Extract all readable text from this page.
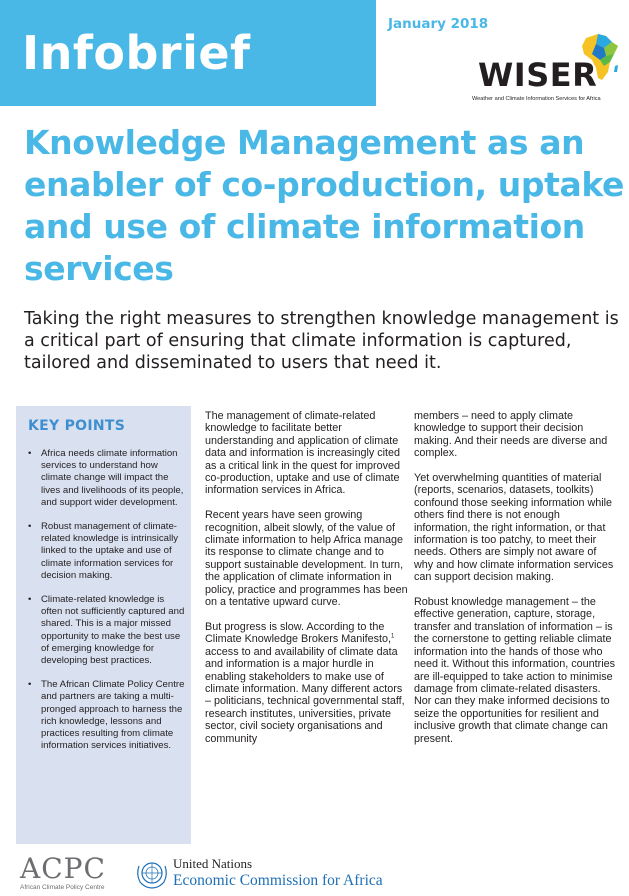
Infobrief
January 2018
WISER
Weather and Climate Information Services for Africa
Knowledge Management as an enabler of co-production, uptake and use of climate information services

Taking the right measures to strengthen knowledge management is a critical part of ensuring that climate information is captured, tailored and disseminated to users that need it.

KEY POINTS
• Africa needs climate information services to understand how climate change will impact the lives and livelihoods of its people, and support wider development.
• Robust management of climate-related knowledge is intrinsically linked to the uptake and use of climate information services for decision making.
• Climate-related knowledge is often not sufficiently captured and shared. This is a major missed opportunity to make the best use of emerging knowledge for developing best practices.
• The African Climate Policy Centre and partners are taking a multi-pronged approach to harness the rich knowledge, lessons and practices resulting from climate information services initiatives.

The management of climate-related knowledge to facilitate better understanding and application of climate data and information is increasingly cited as a critical link in the quest for improved co-production, uptake and use of climate information services in Africa.

Recent years have seen growing recognition, albeit slowly, of the value of climate information to help Africa manage its response to climate change and to support sustainable development. In turn, the application of climate information in policy, practice and programmes has been on a tentative upward curve.

But progress is slow. According to the Climate Knowledge Brokers Manifesto,$^1$ access to and availability of climate data and information is a major hurdle in enabling stakeholders to make use of climate information. Many different actors – politicians, technical governmental staff, research institutes, universities, private sector, civil society organisations and community

members – need to apply climate knowledge to support their decision making. And their needs are diverse and complex.

Yet overwhelming quantities of material (reports, scenarios, datasets, toolkits) confound those seeking information while others find there is not enough information, the right information, or that information is too patchy, to meet their needs. Others are simply not aware of why and how climate information services can support decision making.

Robust knowledge management – the effective generation, capture, storage, transfer and translation of information – is the cornerstone to getting reliable climate information into the hands of those who need it. Without this information, countries are ill-equipped to take action to minimise damage from climate-related disasters. Nor can they make informed decisions to seize the opportunities for resilient and inclusive growth that climate change can present.

ACPC
African Climate Policy Centre
United Nations
Economic Commission for Africa
